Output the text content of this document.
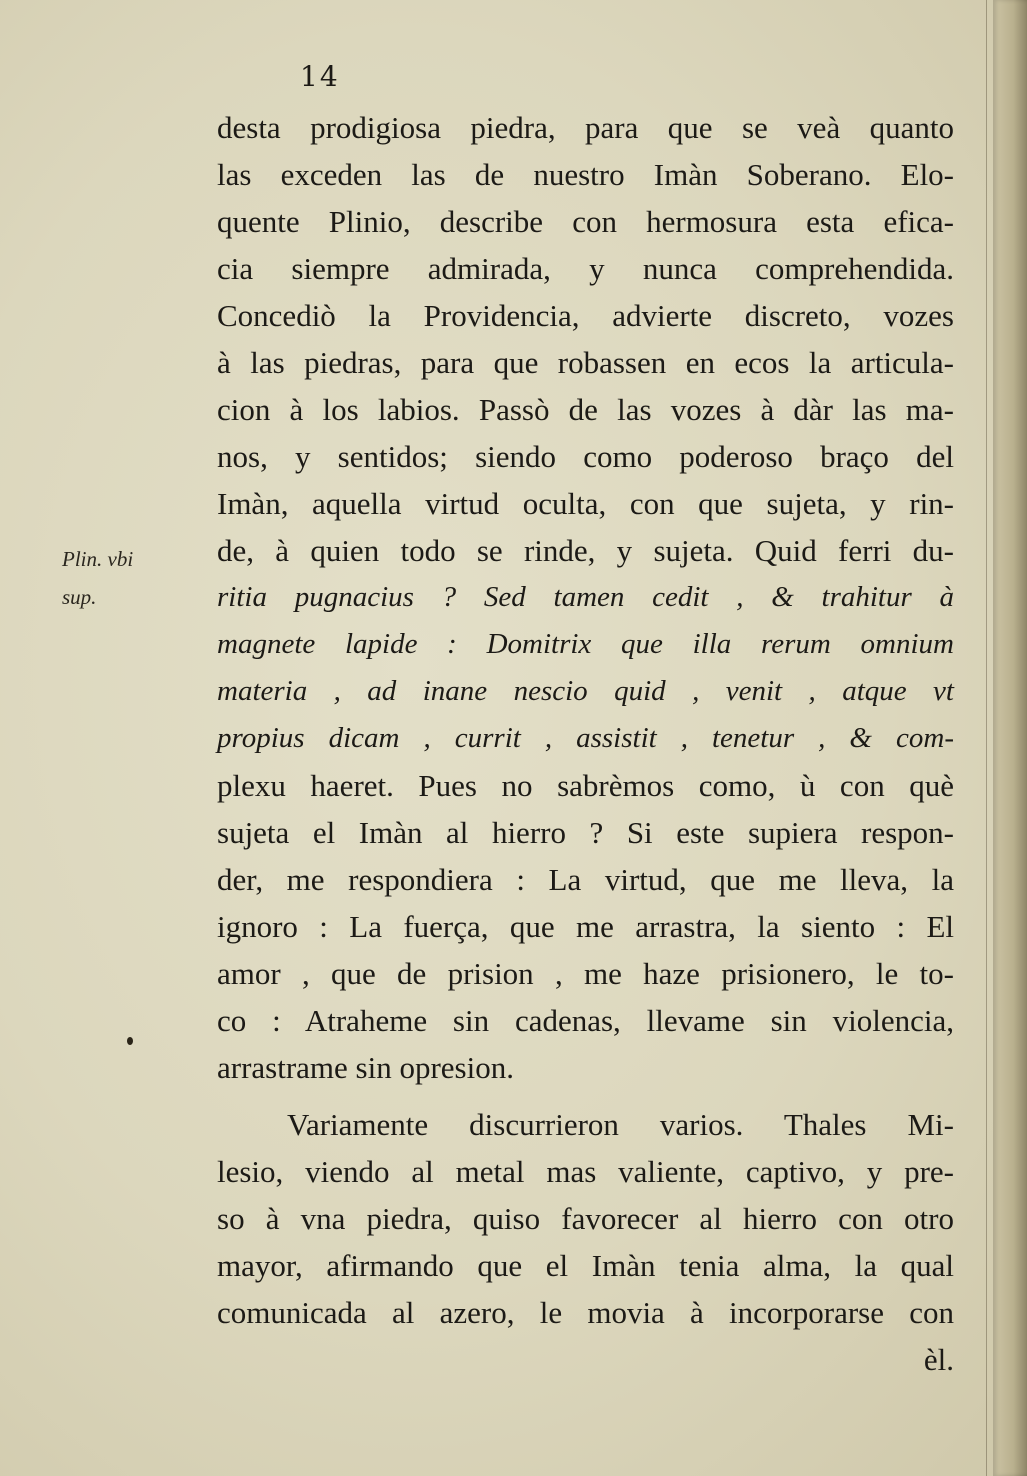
14
desta prodigiosa piedra, para que se veà quanto
las exceden las de nuestro Imàn Soberano. Elo-
quente Plinio, describe con hermosura esta efica-
cia siempre admirada, y nunca comprehendida.
Concediò la Providencia, advierte discreto, vozes
à las piedras, para que robassen en ecos la articula-
cion à los labios. Passò de las vozes à dàr las ma-
nos, y sentidos; siendo como poderoso braço del
Imàn, aquella virtud oculta, con que sujeta, y rin-
de, à quien todo se rinde, y sujeta. Quid ferri du-
ritia pugnacius ? Sed tamen cedit , & trahitur à
magnete lapide : Domitrix que illa rerum omnium
materia , ad inane nescio quid , venit , atque vt
propius dicam , currit , assistit , tenetur , & com-
plexu haeret. Pues no sabrèmos como, ù con què
sujeta el Imàn al hierro ? Si este supiera respon-
der, me respondiera : La virtud, que me lleva, la
ignoro : La fuerça, que me arrastra, la siento : El
amor , que de prision , me haze prisionero, le to-
co : Atraheme sin cadenas, llevame sin violencia,
arrastrame sin opresion.
Variamente discurrieron varios. Thales Mi-
lesio, viendo al metal mas valiente, captivo, y pre-
so à vna piedra, quiso favorecer al hierro con otro
mayor, afirmando que el Imàn tenia alma, la qual
comunicada al azero, le movia à incorporarse con
èl.
Plin. vbi
sup.
